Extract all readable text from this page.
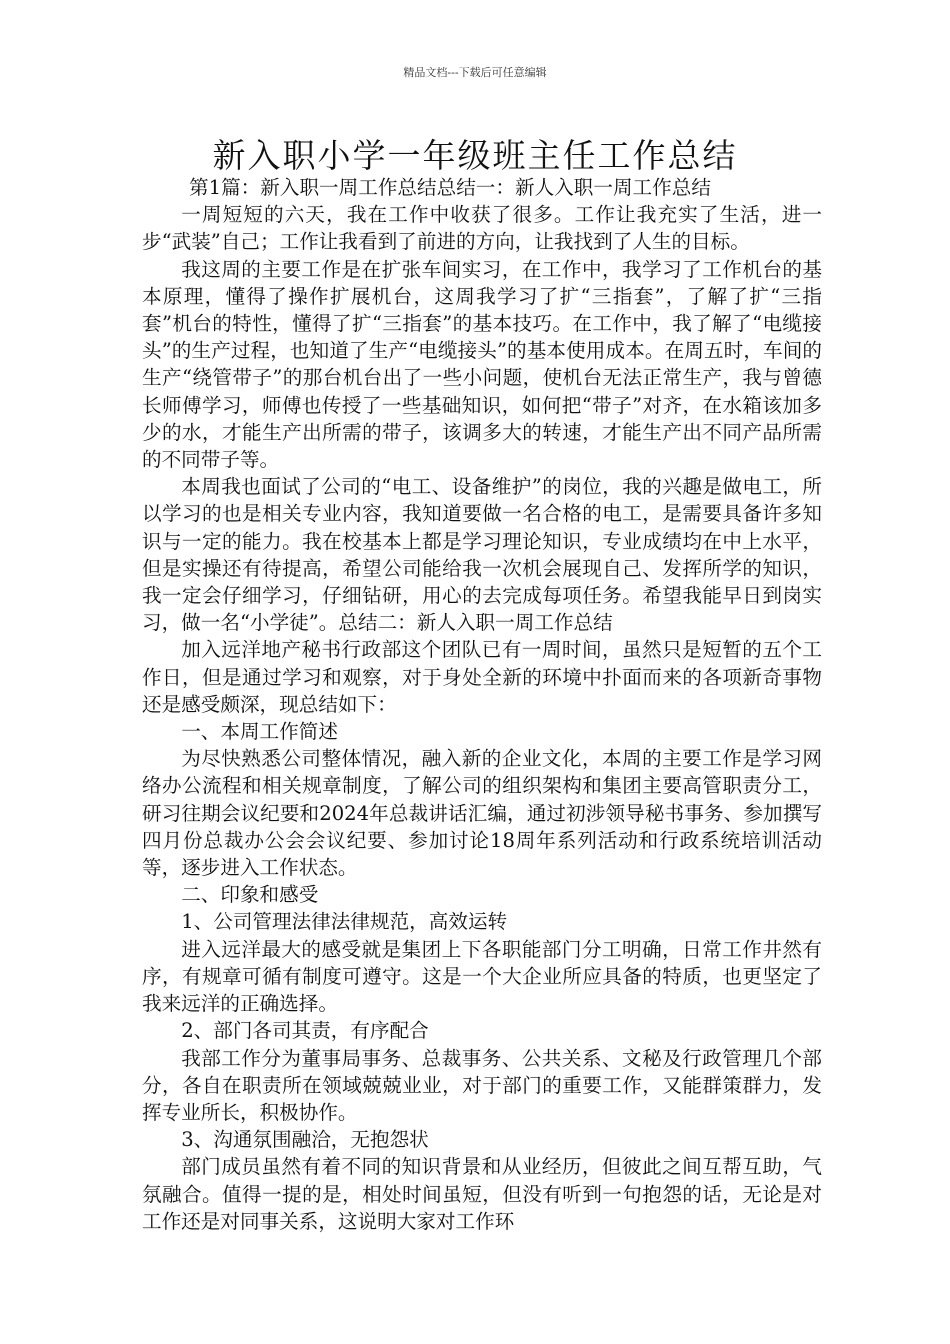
精品文档---下载后可任意编辑
新入职小学一年级班主任工作总结

第1篇：新入职一周工作总结总结一：新人入职一周工作总结

一周短短的六天，我在工作中收获了很多。工作让我充实了生活，进一步“武装”自己；工作让我看到了前进的方向，让我找到了人生的目标。

我这周的主要工作是在扩张车间实习，在工作中，我学习了工作机台的基本原理，懂得了操作扩展机台，这周我学习了扩“三指套”，了解了扩“三指套”机台的特性，懂得了扩“三指套”的基本技巧。在工作中，我了解了“电缆接头”的生产过程，也知道了生产“电缆接头”的基本使用成本。在周五时，车间的生产“绕管带子”的那台机台出了一些小问题，使机台无法正常生产，我与曾德长师傅学习，师傅也传授了一些基础知识，如何把“带子”对齐，在水箱该加多少的水，才能生产出所需的带子，该调多大的转速，才能生产出不同产品所需的不同带子等。

本周我也面试了公司的“电工、设备维护”的岗位，我的兴趣是做电工，所以学习的也是相关专业内容，我知道要做一名合格的电工，是需要具备许多知识与一定的能力。我在校基本上都是学习理论知识，专业成绩均在中上水平，但是实操还有待提高，希望公司能给我一次机会展现自己、发挥所学的知识，我一定会仔细学习，仔细钻研，用心的去完成每项任务。希望我能早日到岗实习，做一名“小学徒”。总结二：新人入职一周工作总结

加入远洋地产秘书行政部这个团队已有一周时间，虽然只是短暂的五个工作日，但是通过学习和观察，对于身处全新的环境中扑面而来的各项新奇事物还是感受颇深，现总结如下：

一、本周工作简述

为尽快熟悉公司整体情况，融入新的企业文化，本周的主要工作是学习网络办公流程和相关规章制度，了解公司的组织架构和集团主要高管职责分工，研习往期会议纪要和2024年总裁讲话汇编，通过初涉领导秘书事务、参加撰写四月份总裁办公会会议纪要、参加讨论18周年系列活动和行政系统培训活动等，逐步进入工作状态。

二、印象和感受

1、公司管理法律法律规范，高效运转

进入远洋最大的感受就是集团上下各职能部门分工明确，日常工作井然有序，有规章可循有制度可遵守。这是一个大企业所应具备的特质，也更坚定了我来远洋的正确选择。

2、部门各司其责，有序配合

我部工作分为董事局事务、总裁事务、公共关系、文秘及行政管理几个部分，各自在职责所在领域兢兢业业，对于部门的重要工作，又能群策群力，发挥专业所长，积极协作。

3、沟通氛围融洽，无抱怨状

部门成员虽然有着不同的知识背景和从业经历，但彼此之间互帮互助，气氛融合。值得一提的是，相处时间虽短，但没有听到一句抱怨的话，无论是对工作还是对同事关系，这说明大家对工作环
